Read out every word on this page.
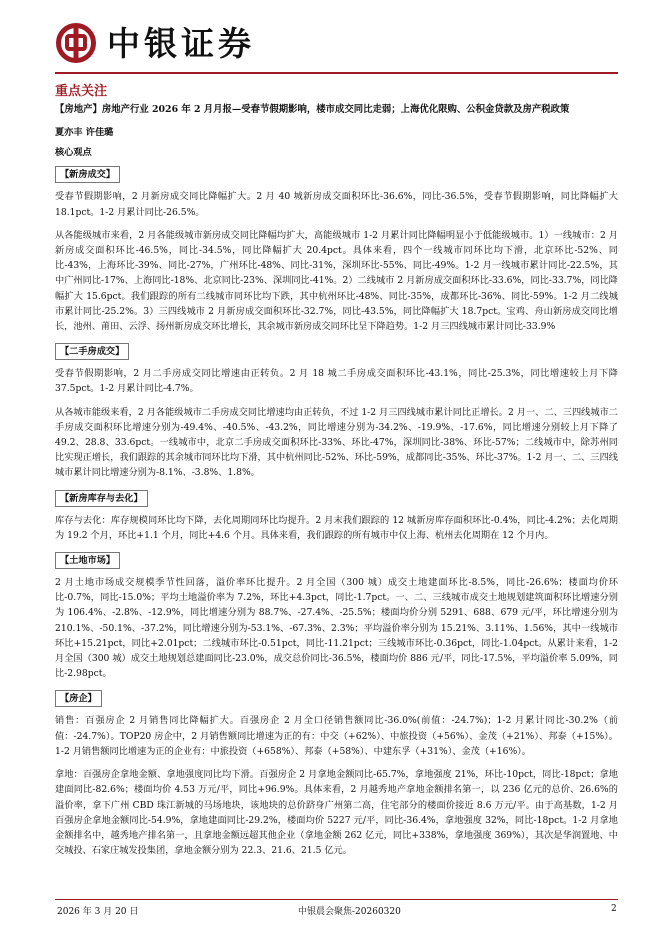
中银证券
重点关注

【房地产】房地产行业 2026 年 2 月月报—受春节假期影响，楼市成交同比走弱；上海优化限购、公积金贷款及房产税政策

夏亦丰 许佳璐

核心观点

【新房成交】

受春节假期影响，2 月新房成交同比降幅扩大。2 月 40 城新房成交面积环比-36.6%，同比-36.5%，受春节假期影响，同比降幅扩大 18.1pct。1-2 月累计同比-26.5%。

从各能级城市来看，2 月各能级城市新房成交同比降幅均扩大，高能级城市 1-2 月累计同比降幅明显小于低能级城市。1）一线城市：2 月新房成交面积环比-46.5%，同比-34.5%，同比降幅扩大 20.4pct。具体来看，四个一线城市同环比均下滑，北京环比-52%、同比-43%，上海环比-39%、同比-27%，广州环比-48%、同比-31%，深圳环比-55%、同比-49%。1-2 月一线城市累计同比-22.5%，其中广州同比-17%、上海同比-18%、北京同比-23%、深圳同比-41%。2）二线城市 2 月新房成交面积环比-33.6%，同比-33.7%，同比降幅扩大 15.6pct。我们跟踪的所有二线城市同环比均下跌，其中杭州环比-48%、同比-35%，成都环比-36%、同比-59%。1-2 月二线城市累计同比-25.2%。3）三四线城市 2 月新房成交面积环比-32.7%，同比-43.5%，同比降幅扩大 18.7pct。宝鸡、舟山新房成交同比增长，池州、莆田、云浮、扬州新房成交环比增长，其余城市新房成交同环比呈下降趋势。1-2 月三四线城市累计同比-33.9%

【二手房成交】

受春节假期影响，2 月二手房成交同比增速由正转负。2 月 18 城二手房成交面积环比-43.1%，同比-25.3%，同比增速较上月下降 37.5pct。1-2 月累计同比-4.7%。

从各城市能级来看，2 月各能级城市二手房成交同比增速均由正转负，不过 1-2 月三四线城市累计同比正增长。2 月一、二、三四线城市二手房成交面积环比增速分别为-49.4%、-40.5%、-43.2%，同比增速分别为-34.2%、-19.9%、-17.6%，同比增速分别较上月下降了 49.2、28.8、33.6pct。一线城市中，北京二手房成交面积环比-33%、环比-47%，深圳同比-38%、环比-57%；二线城市中，除苏州同比实现正增长，我们跟踪的其余城市同环比均下滑，其中杭州同比-52%、环比-59%，成都同比-35%、环比-37%。1-2 月一、二、三四线城市累计同比增速分别为-8.1%、-3.8%、1.8%。

【新房库存与去化】

库存与去化：库存规模同环比均下降，去化周期同环比均提升。2 月末我们跟踪的 12 城新房库存面积环比-0.4%，同比-4.2%；去化周期为 19.2 个月，环比+1.1 个月，同比+4.6 个月。具体来看，我们跟踪的所有城市中仅上海、杭州去化周期在 12 个月内。

【土地市场】

2 月土地市场成交规模季节性回落，溢价率环比提升。2 月全国（300 城）成交土地建面环比-8.5%，同比-26.6%；楼面均价环比-0.7%，同比-15.0%；平均土地溢价率为 7.2%，环比+4.3pct，同比-1.7pct。一、二、三线城市成交土地规划建筑面积环比增速分别为 106.4%、-2.8%、-12.9%，同比增速分别为 88.7%、-27.4%、-25.5%；楼面均价分别 5291、688、679 元/平，环比增速分别为 210.1%、-50.1%、-37.2%，同比增速分别为-53.1%、-67.3%、2.3%；平均溢价率分别为 15.21%、3.11%、1.56%，其中一线城市环比+15.21pct，同比+2.01pct；二线城市环比-0.51pct，同比-11.21pct；三线城市环比-0.36pct，同比-1.04pct。从累计来看，1-2 月全国（300 城）成交土地规划总建面同比-23.0%，成交总价同比-36.5%，楼面均价 886 元/平，同比-17.5%，平均溢价率 5.09%，同比-2.98pct。

【房企】

销售：百强房企 2 月销售同比降幅扩大。百强房企 2 月全口径销售额同比-36.0%(前值：-24.7%)；1-2 月累计同比-30.2%（前值：-24.7%）。TOP20 房企中，2 月销售额同比增速为正的有：中交（+62%）、中旅投资（+56%）、金茂（+21%）、邦泰（+15%）。1-2 月销售额同比增速为正的企业有：中旅投资（+658%）、邦泰（+58%）、中建东孚（+31%）、金茂（+16%）。

拿地：百强房企拿地金额、拿地强度同比均下滑。百强房企 2 月拿地金额同比-65.7%，拿地强度 21%，环比-10pct，同比-18pct；拿地建面同比-82.6%；楼面均价 4.53 万元/平，同比+96.9%。具体来看，2 月越秀地产拿地金额排名第一，以 236 亿元的总价、26.6%的溢价率，拿下广州 CBD 珠江新城的马场地块，该地块的总价跻身广州第二高，住宅部分的楼面价接近 8.6 万元/平。由于高基数，1-2 月百强房企拿地金额同比-54.9%，拿地建面同比-29.2%，楼面均价 5227 元/平，同比-36.4%，拿地强度 32%，同比-18pct。1-2 月拿地金额排名中，越秀地产排名第一，且拿地金额远超其他企业（拿地金额 262 亿元，同比+338%，拿地强度 369%），其次是华润置地、中交城投、石家庄城发投集团，拿地金额分别为 22.3、21.6、21.5 亿元。

2026 年 3 月 20 日	中银晨会聚焦-20260320	2
